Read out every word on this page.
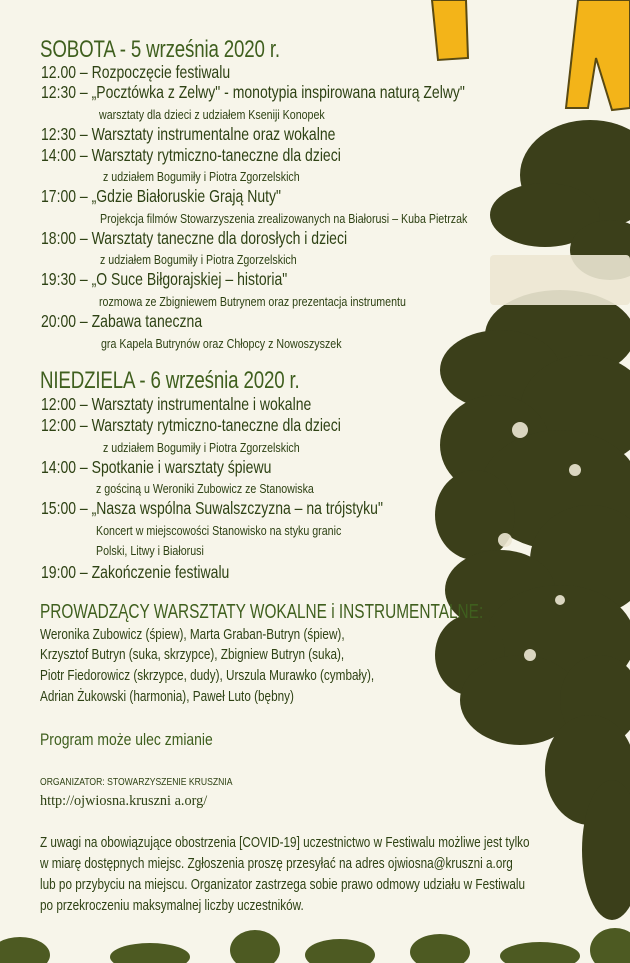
SOBOTA - 5 września 2020 r.
12.00 – Rozpoczęcie festiwalu
12:30 – „Pocztówka z Zelwy" - monotypia inspirowana naturą Zelwy"
warsztaty dla dzieci z udziałem Kseniji Konopek
12:30 – Warsztaty instrumentalne oraz wokalne
14:00 – Warsztaty rytmiczno-taneczne dla dzieci
z udziałem Bogumiły i Piotra Zgorzelskich
17:00 – „Gdzie Białoruskie Grają Nuty"
Projekcja filmów Stowarzyszenia zrealizowanych na Białorusi – Kuba Pietrzak
18:00 – Warsztaty taneczne dla dorosłych i dzieci
z udziałem Bogumiły i Piotra Zgorzelskich
19:30 – „O Suce Biłgorajskiej – historia"
rozmowa ze Zbigniewem Butrynem oraz prezentacja instrumentu
20:00 – Zabawa taneczna
gra Kapela Butrynów oraz Chłopcy z Nowoszyszek
NIEDZIELA - 6 września 2020 r.
12:00 – Warsztaty instrumentalne i wokalne
12:00 – Warsztaty rytmiczno-taneczne dla dzieci
z udziałem Bogumiły i Piotra Zgorzelskich
14:00 – Spotkanie i warsztaty śpiewu
z gościną u Weroniki Zubowicz ze Stanowiska
15:00 – „Nasza wspólna Suwalszczyzna – na trójstyku"
Koncert w miejscowości Stanowisko na styku granic
Polski, Litwy i Białorusi
19:00 – Zakończenie festiwalu
PROWADZĄCY WARSZTATY WOKALNE i INSTRUMENTALNE:
Weronika Zubowicz (śpiew), Marta Graban-Butryn (śpiew),
Krzysztof Butryn (suka, skrzypce), Zbigniew Butryn (suka),
Piotr Fiedorowicz (skrzypce, dudy), Urszula Murawko (cymbały),
Adrian Żukowski (harmonia), Paweł Luto (bębny)
Program może ulec zmianie
ORGANIZATOR: STOWARZYSZENIE KRUSZNIA
http://ojwiosna.kruszni a.org/
Z uwagi na obowiązujące obostrzenia [COVID-19] uczestnictwo w Festiwalu możliwe jest tylko
w miarę dostępnych miejsc. Zgłoszenia proszę przesyłać na adres ojwiosna@kruszni a.org
lub po przybyciu na miejscu. Organizator zastrzega sobie prawo odmowy udziału w Festiwalu
po przekroczeniu maksymalnej liczby uczestników.
